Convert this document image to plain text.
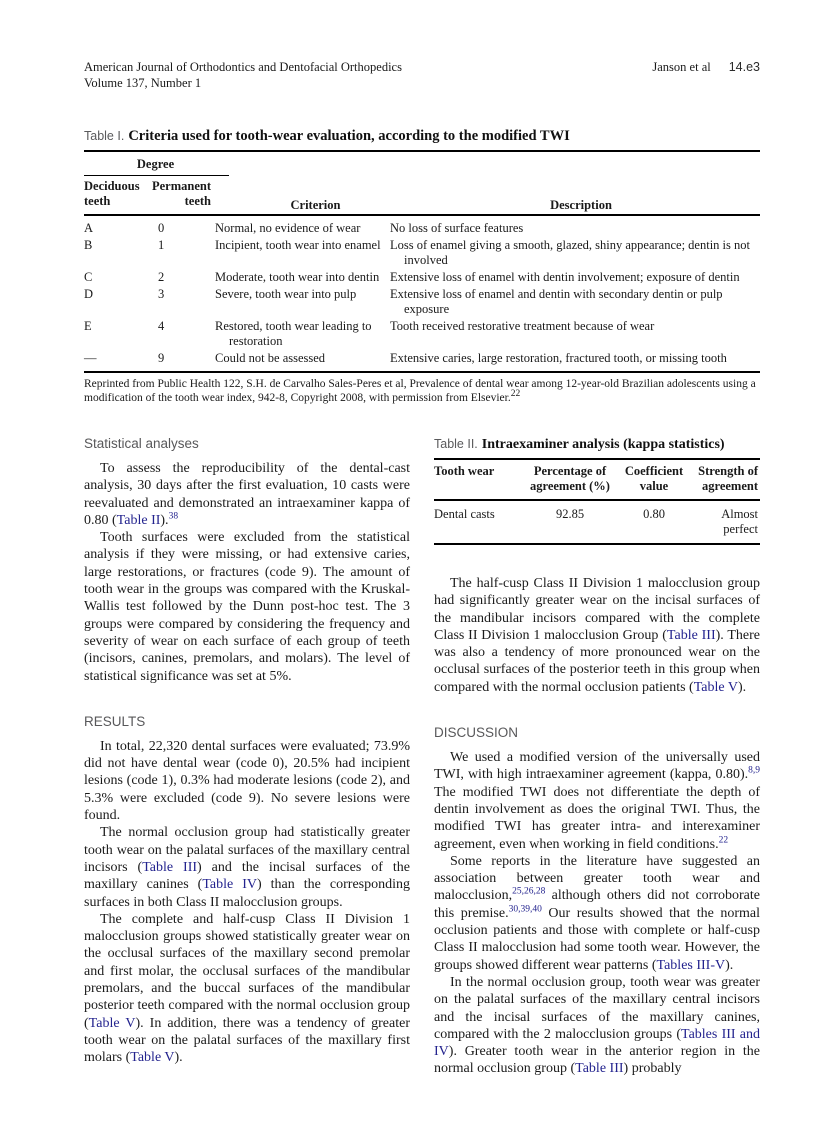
American Journal of Orthodontics and Dentofacial Orthopedics
Volume 137, Number 1
Janson et al 14.e3
Table I. Criteria used for tooth-wear evaluation, according to the modified TWI
Degree		Criterion	Description
Deciduous teeth	Permanent teeth		
A	0	Normal, no evidence of wear	No loss of surface features
B	1	Incipient, tooth wear into enamel	Loss of enamel giving a smooth, glazed, shiny appearance; dentin is not involved
C	2	Moderate, tooth wear into dentin	Extensive loss of enamel with dentin involvement; exposure of dentin
D	3	Severe, tooth wear into pulp	Extensive loss of enamel and dentin with secondary dentin or pulp exposure
E	4	Restored, tooth wear leading to restoration	Tooth received restorative treatment because of wear
—	9	Could not be assessed	Extensive caries, large restoration, fractured tooth, or missing tooth
Reprinted from Public Health 122, S.H. de Carvalho Sales-Peres et al, Prevalence of dental wear among 12-year-old Brazilian adolescents using a modification of the tooth wear index, 942-8, Copyright 2008, with permission from Elsevier.$^{22}$
Statistical analyses

To assess the reproducibility of the dental-cast analysis, 30 days after the first evaluation, 10 casts were reevaluated and demonstrated an intraexaminer kappa of 0.80 (Table II).$^{38}$

Tooth surfaces were excluded from the statistical analysis if they were missing, or had extensive caries, large restorations, or fractures (code 9). The amount of tooth wear in the groups was compared with the Kruskal-Wallis test followed by the Dunn post-hoc test. The 3 groups were compared by considering the frequency and severity of wear on each surface of each group of teeth (incisors, canines, premolars, and molars). The level of statistical significance was set at 5%.

RESULTS

In total, 22,320 dental surfaces were evaluated; 73.9% did not have dental wear (code 0), 20.5% had incipient lesions (code 1), 0.3% had moderate lesions (code 2), and 5.3% were excluded (code 9). No severe lesions were found.

The normal occlusion group had statistically greater tooth wear on the palatal surfaces of the maxillary central incisors (Table III) and the incisal surfaces of the maxillary canines (Table IV) than the corresponding surfaces in both Class II malocclusion groups.

The complete and half-cusp Class II Division 1 malocclusion groups showed statistically greater wear on the occlusal surfaces of the maxillary second premolar and first molar, the occlusal surfaces of the mandibular premolars, and the buccal surfaces of the mandibular posterior teeth compared with the normal occlusion group (Table V). In addition, there was a tendency of greater tooth wear on the palatal surfaces of the maxillary first molars (Table V).

Table II. Intraexaminer analysis (kappa statistics)
Tooth wear	Percentage of agreement (%)	Coefficient value	Strength of agreement
Dental casts	92.85	0.80	Almost perfect

The half-cusp Class II Division 1 malocclusion group had significantly greater wear on the incisal surfaces of the mandibular incisors compared with the complete Class II Division 1 malocclusion Group (Table III). There was also a tendency of more pronounced wear on the occlusal surfaces of the posterior teeth in this group when compared with the normal occlusion patients (Table V).

DISCUSSION

We used a modified version of the universally used TWI, with high intraexaminer agreement (kappa, 0.80).$^{8,9}$ The modified TWI does not differentiate the depth of dentin involvement as does the original TWI. Thus, the modified TWI has greater intra- and interexaminer agreement, even when working in field conditions.$^{22}$

Some reports in the literature have suggested an association between greater tooth wear and malocclusion,$^{25,26,28}$ although others did not corroborate this premise.$^{30,39,40}$ Our results showed that the normal occlusion patients and those with complete or half-cusp Class II malocclusion had some tooth wear. However, the groups showed different wear patterns (Tables III-V).

In the normal occlusion group, tooth wear was greater on the palatal surfaces of the maxillary central incisors and the incisal surfaces of the maxillary canines, compared with the 2 malocclusion groups (Tables III and IV). Greater tooth wear in the anterior region in the normal occlusion group (Table III) probably
